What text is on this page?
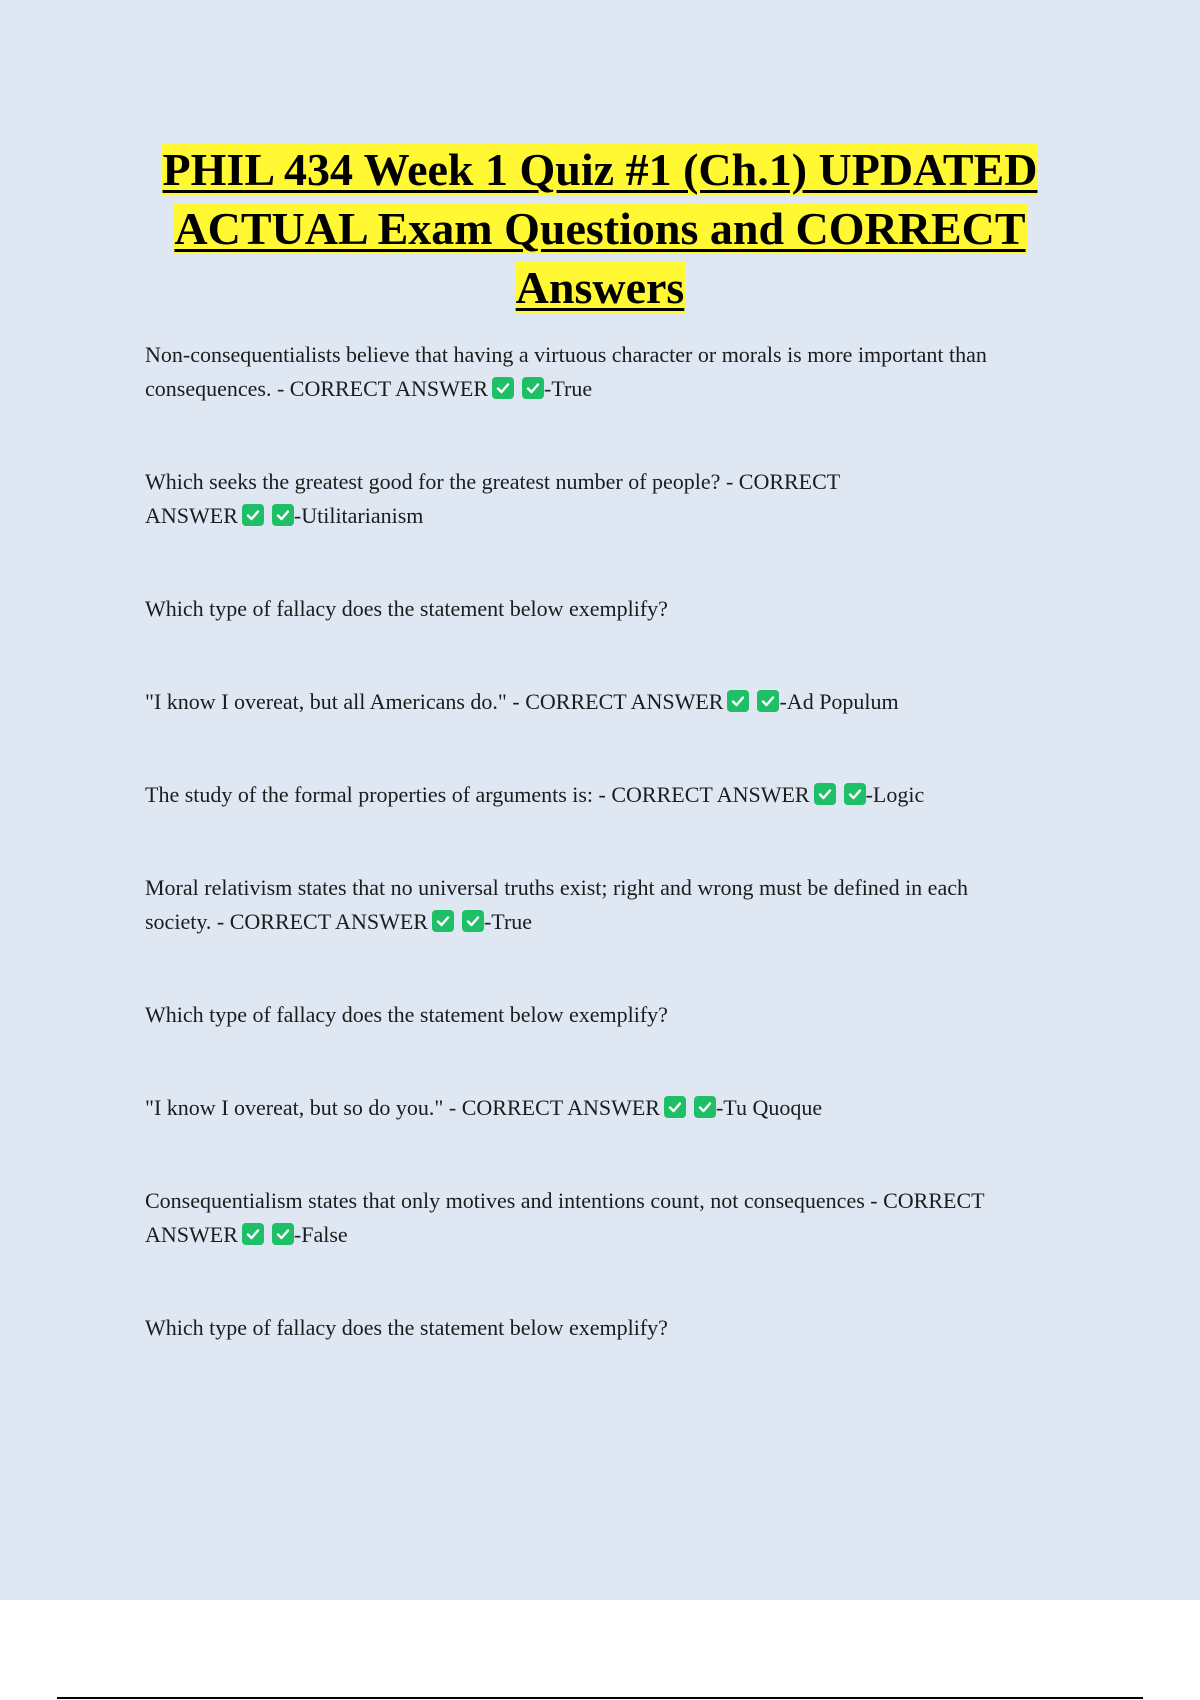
PHIL 434 Week 1 Quiz #1 (Ch.1) UPDATED
ACTUAL Exam Questions and CORRECT
Answers

Non-consequentialists believe that having a virtuous character or morals is more important than
consequences. - CORRECT ANSWER	-True

Which seeks the greatest good for the greatest number of people? - CORRECT
ANSWER	-Utilitarianism

Which type of fallacy does the statement below exemplify?

"I know I overeat, but all Americans do." - CORRECT ANSWER	-Ad Populum

The study of the formal properties of arguments is: - CORRECT ANSWER	-Logic

Moral relativism states that no universal truths exist; right and wrong must be defined in each
society. - CORRECT ANSWER	-True

Which type of fallacy does the statement below exemplify?

"I know I overeat, but so do you." - CORRECT ANSWER	-Tu Quoque

Consequentialism states that only motives and intentions count, not consequences - CORRECT
ANSWER	-False

Which type of fallacy does the statement below exemplify?
